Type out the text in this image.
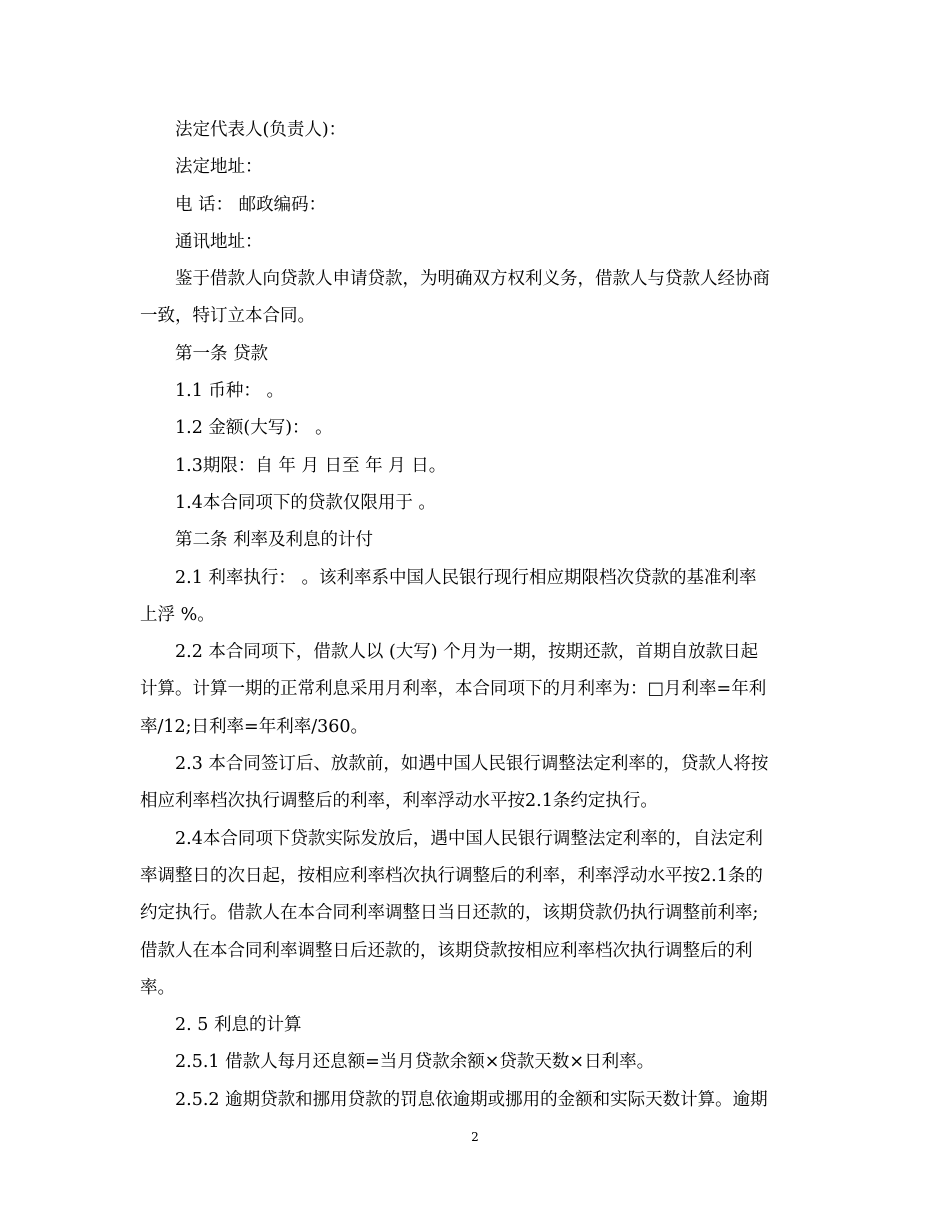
法定代表人(负责人)：

法定地址：

电 话： 邮政编码：

通讯地址：

鉴于借款人向贷款人申请贷款，为明确双方权利义务，借款人与贷款人经协商

一致，特订立本合同。

第一条 贷款

1.1 币种： 。

1.2 金额(大写)： 。

1.3期限：自 年 月 日至 年 月 日。

1.4本合同项下的贷款仅限用于 。

第二条 利率及利息的计付

2.1 利率执行： 。该利率系中国人民银行现行相应期限档次贷款的基准利率

上浮 %。

2.2 本合同项下，借款人以 (大写) 个月为一期，按期还款，首期自放款日起

计算。计算一期的正常利息采用月利率，本合同项下的月利率为：□月利率=年利

率/12;日利率=年利率/360。

2.3 本合同签订后、放款前，如遇中国人民银行调整法定利率的，贷款人将按

相应利率档次执行调整后的利率，利率浮动水平按2.1条约定执行。

2.4本合同项下贷款实际发放后，遇中国人民银行调整法定利率的，自法定利

率调整日的次日起，按相应利率档次执行调整后的利率，利率浮动水平按2.1条的

约定执行。借款人在本合同利率调整日当日还款的，该期贷款仍执行调整前利率;

借款人在本合同利率调整日后还款的，该期贷款按相应利率档次执行调整后的利

率。

2. 5 利息的计算

2.5.1 借款人每月还息额=当月贷款余额×贷款天数×日利率。

2.5.2 逾期贷款和挪用贷款的罚息依逾期或挪用的金额和实际天数计算。逾期

2
